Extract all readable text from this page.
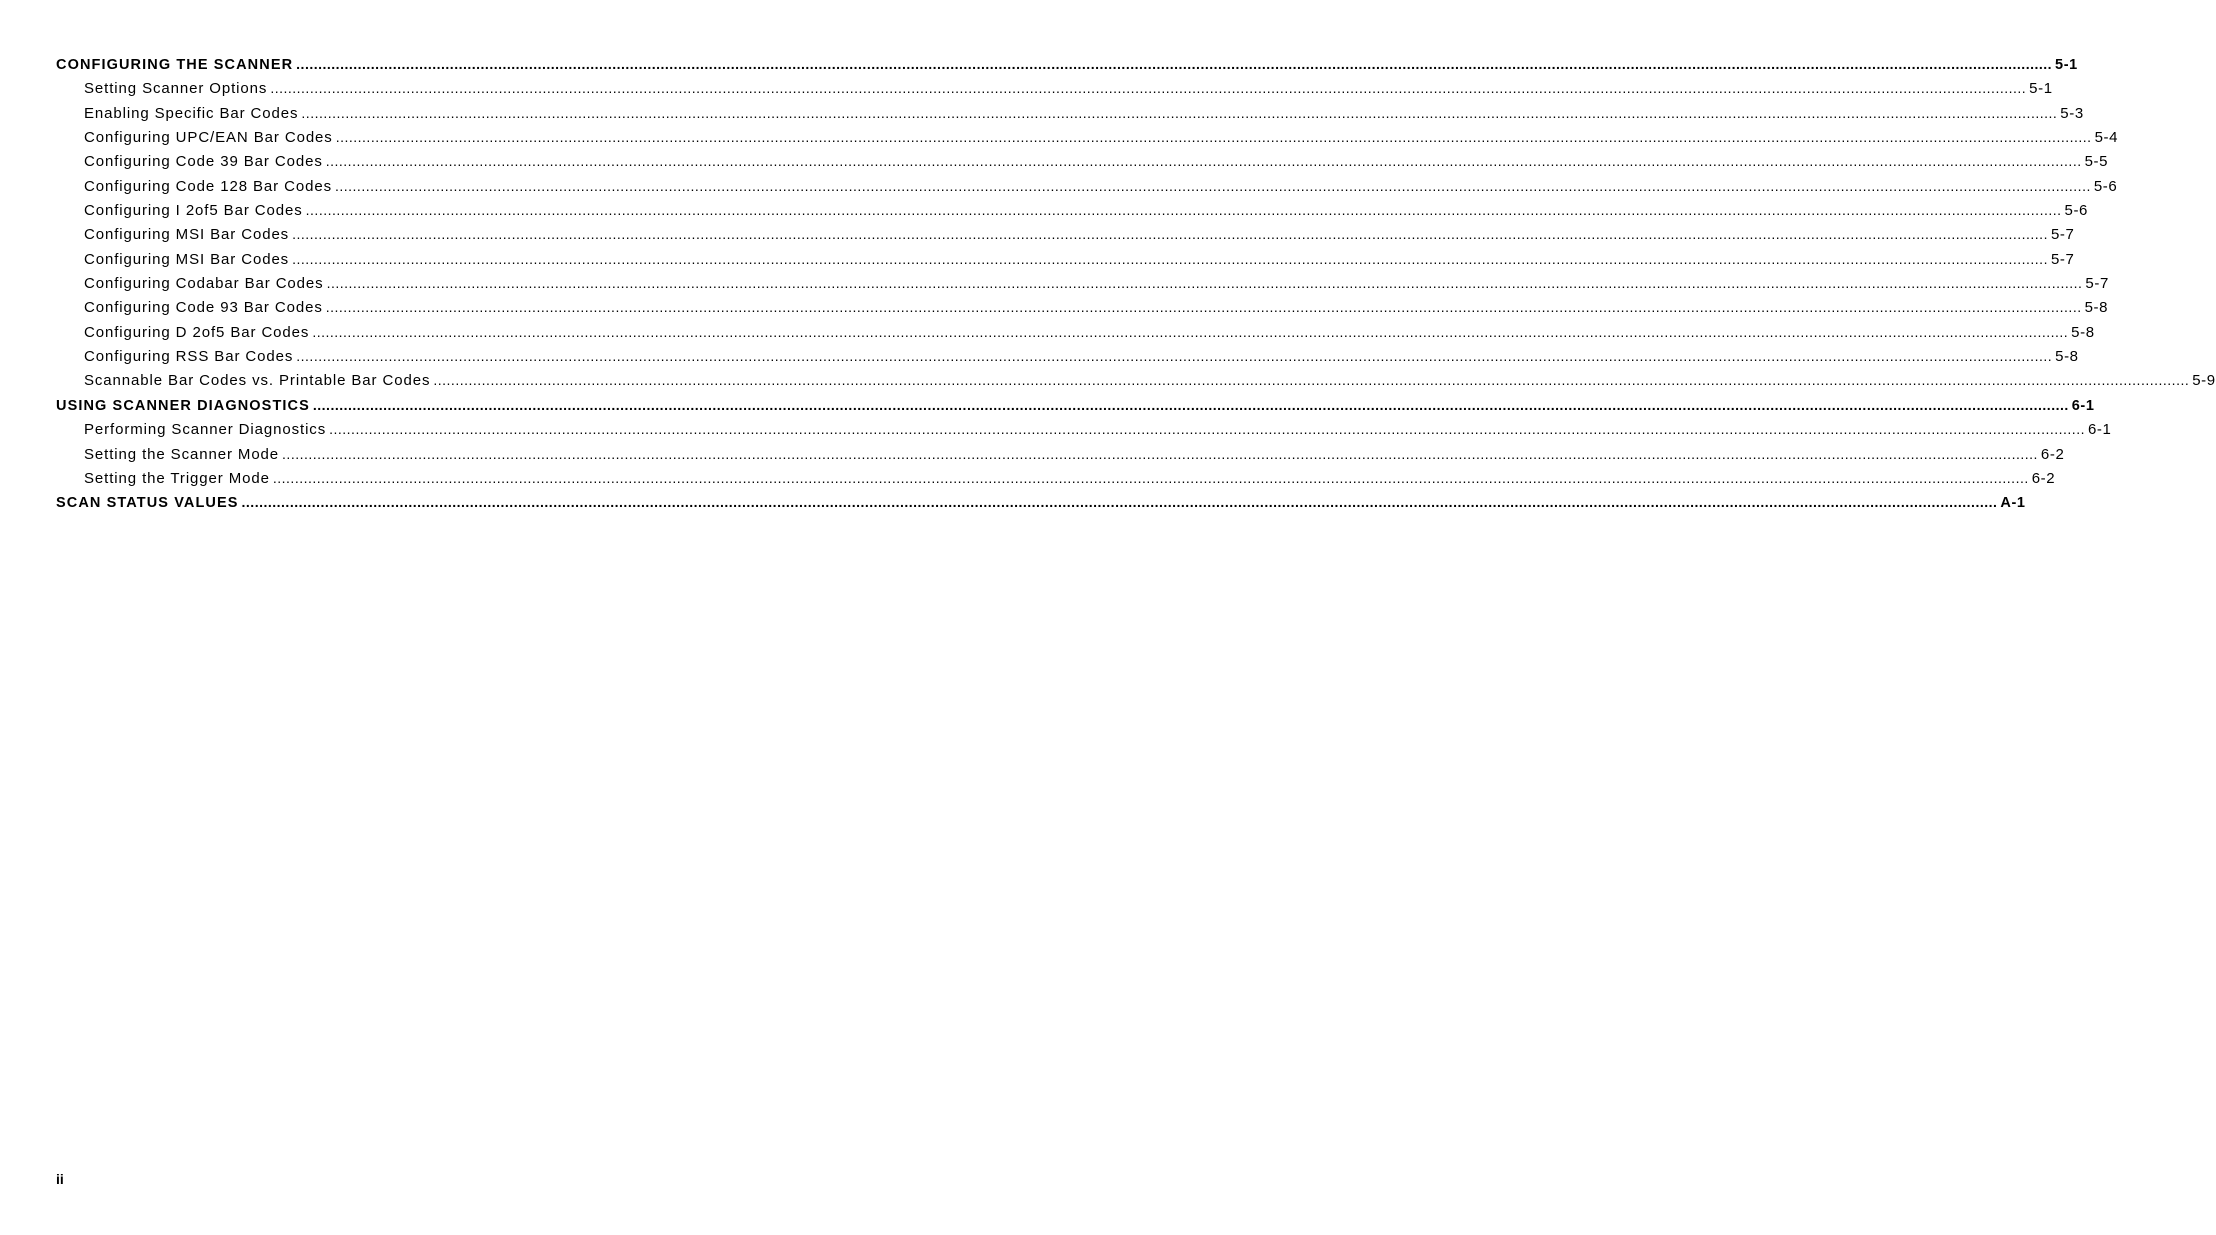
CONFIGURING THE SCANNER ................................................................................................................................................................................................................................................................................................................................................................................................................ 5-1
Setting Scanner Options ................................................................................................................................................................................................................................................................................................................................................................................................................ 5-1
Enabling Specific Bar Codes ................................................................................................................................................................................................................................................................................................................................................................................................................ 5-3
Configuring UPC/EAN Bar Codes ................................................................................................................................................................................................................................................................................................................................................................................................................ 5-4
Configuring Code 39 Bar Codes ................................................................................................................................................................................................................................................................................................................................................................................................................ 5-5
Configuring Code 128 Bar Codes ................................................................................................................................................................................................................................................................................................................................................................................................................ 5-6
Configuring I 2of5 Bar Codes ................................................................................................................................................................................................................................................................................................................................................................................................................ 5-6
Configuring MSI Bar Codes ................................................................................................................................................................................................................................................................................................................................................................................................................ 5-7
Configuring MSI Bar Codes ................................................................................................................................................................................................................................................................................................................................................................................................................ 5-7
Configuring Codabar Bar Codes ................................................................................................................................................................................................................................................................................................................................................................................................................ 5-7
Configuring Code 93 Bar Codes ................................................................................................................................................................................................................................................................................................................................................................................................................ 5-8
Configuring D 2of5 Bar Codes ................................................................................................................................................................................................................................................................................................................................................................................................................ 5-8
Configuring RSS Bar Codes ................................................................................................................................................................................................................................................................................................................................................................................................................ 5-8
Scannable Bar Codes vs. Printable Bar Codes ................................................................................................................................................................................................................................................................................................................................................................................................................ 5-9
USING SCANNER DIAGNOSTICS ................................................................................................................................................................................................................................................................................................................................................................................................................ 6-1
Performing Scanner Diagnostics ................................................................................................................................................................................................................................................................................................................................................................................................................ 6-1
Setting the Scanner Mode ................................................................................................................................................................................................................................................................................................................................................................................................................ 6-2
Setting the Trigger Mode ................................................................................................................................................................................................................................................................................................................................................................................................................ 6-2
SCAN STATUS VALUES ................................................................................................................................................................................................................................................................................................................................................................................................................ A-1
ii
